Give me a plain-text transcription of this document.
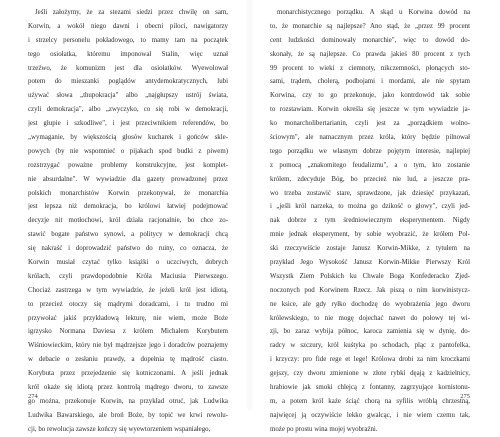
Jeśli założymy, że za stezami siedzi przez chwilę on sam,
Korwin, a wokół niego dawni i obecni piloci, nawigatorzy
i strzelcy personelu pokładowego, to mamy tam na początek
tego osiołatka, któremu imponował Stalin, więc uznał
trzeźwo, że komunizm jest dla osiołatków. Wyewolował
potem do mieszanki poglądów antydemokratycznych, lubi
używać słowa „thupokracja" albo „najgłupszy ustrój świata,
czyli demokracja", albo „zwyczyko, co się robi w demokracji,
jest głupie i szkodliwe", i jest przeciwnikiem referendów, bo
„wymaganie, by większością głosów kucharek i gońców skle-
powych (by nie wspomnieć o pijakach spod budki z piwem)
rozstrzygać poważne problemy konstrukcyjne, jest komplet-
nie absurdalne". W wywiadzie dla gazety prowadzonej przez
polskich monarchistów Korwin przekonywał, że monarchia
jest lepsza niż demokracja, bo królowi łatwiej podejmować
decyzje nit motłochowi, król działa racjonalnie, bo chce zo-
stawić bogate państwo synowi, a politycy w demokracji chcą
się nakraść i doprowadzić państwo do ruiny, co oznacza, że
Korwin musiał czytać tylko książki o uczciwych, dobrych
królach, czyli prawdopodobnie Króla Maciusia Pierwszego.
Chociaż zastrzega w tym wywiadzie, że jeżeli król jest idiotą,
to przecież otoczy się mądrymi doradcami, i tu trudno mi
przywołać jakiś przykładową lekturę, nie wiem, może Boże
igrzysko Normana Daviesa z królem Michałem Korybutem
Wiśniowieckim, który nie był mądrzejsze jego i doradców poznajemy
w debacie o zesłaniu prawdy, a dopełnia tę mądrość ciasto.
Korybuta przez przejedzenie się kotniczonami. A jeśli jednak
król okaże się idiotą przez kontrolą mądrego dworu, to zawsze
go można, przekonuje Korwin, na przykład otruć, jak Ludwika
Ludwika Bawarskiego, ale broń Boże, by topić we krwi rewolu-
cji, bo rewolucja zawsze kończy się wyewtorzeniem wspaniałego,
274
monarchistycznego porządku. A skąd u Korwina dowód na
to, że monarchie są najlepsze? Ano stąd, że „przez 99 procent
cent ludzkości dominowały monarchie", więc to dowód do-
skonały, że są najlepsze. Co prawda jakieś 80 procent z tych
99 procent to wieki z ciemnoty, nikczemności, płonących sto-
sami, trądem, cholerą, podbojami i mordami, ale nie spytam
Korwina, czy to go przekonuje, jako kontrdowód tak sobie
to rozstawiam. Korwin określa się jeszcze w tym wywiadzie ja-
ko monarcholibertarianin, czyli jest za „porządkiem wolno-
ściowym", ale namacznym przez króla, który będzie pilnował
tego porządku we własnym dobrze pojętym interesie, najlepiej
z pomocą „znakomitego feudalizmu", a o tym, kto zostanie
królem, zdecyduje Bóg, bo przecież nie lud, a jeszcze pra-
wo trzeba zostawić stare, sprawdzone, jak dziesięć przykazań,
i „jeśli król narzeka, to można go dzikość o głowy", czyli jed-
nak dobrze z tym średniowiecznym eksperymentem. Nigdy
mnie jednak eksperyment, by sobie wyobrazić, że królem Pol-
ski rzeczywiście zostaje Janusz Korwin-Mikke, z tytułem na
przykład Jego Wysokość Janusz Korwin-Mikke Pierwszy Król
Wszystk Ziem Polskich ku Chwale Boga Konfederacko Zjed-
noczonych pod Korwinem Rzecz. Jak piszą o nim korwinistycz-
ne ksice, ale gdy ryłko dochodzę do wyobrażenia jego dworu
królewskiego, to nie mogę dojechać nawet do połowy tej wi-
zji, bo zaraz wybija północ, karoca zamienia się w dynię, do-
radcy w szczury, król kuśtyka po schodach, pląc z pantofelka,
i krzyczy: pro fide rege et lege! Królowa drobi za nim kroczkami
gejszy, czy dworu zmienione w złote rybki dęają z kadzielnicy,
hrabiowie jak smoki chlejcą z fontanny, zagrzyujące kornistonu-
m, a potem król każe ściąć chorą na syfilis wróblą chrzestną,
najwięcej ją oczywiście lekko gwałcąc, i nie wiem czemu tak,
może po prostu wina mojej wyobraźni.
275
